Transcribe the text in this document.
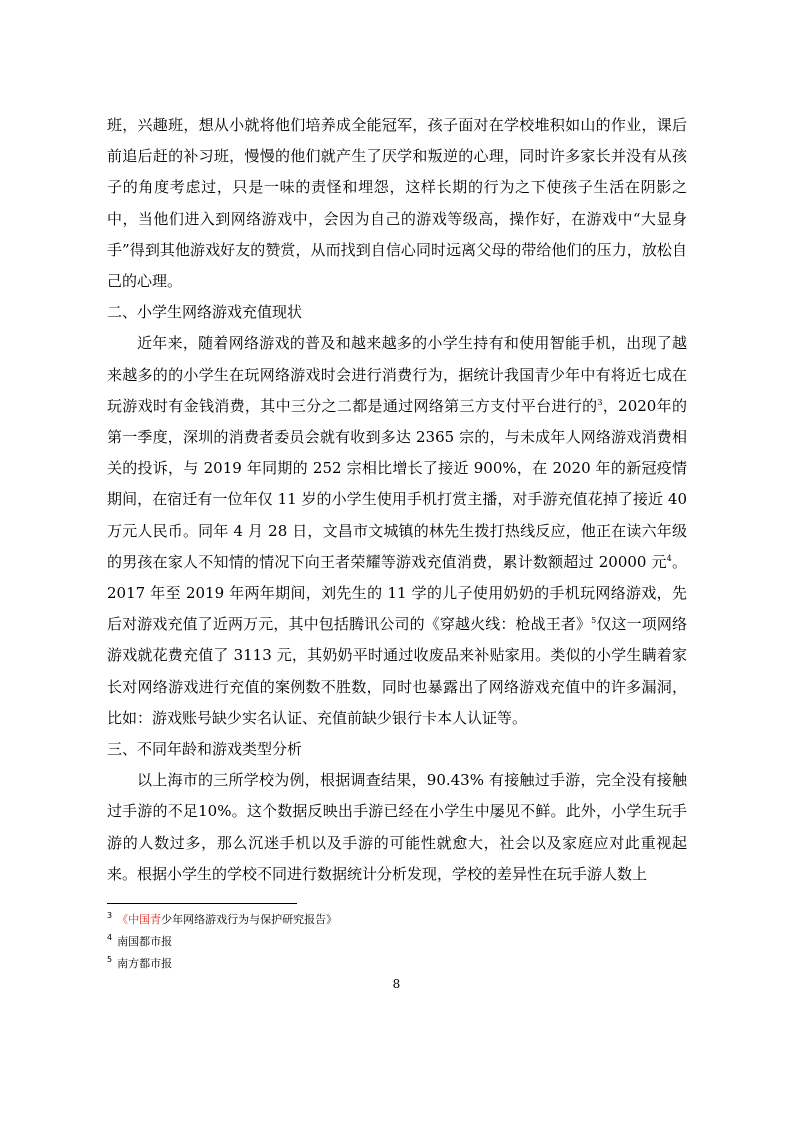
班，兴趣班，想从小就将他们培养成全能冠军，孩子面对在学校堆积如山的作业，课后前追后赶的补习班，慢慢的他们就产生了厌学和叛逆的心理，同时许多家长并没有从孩子的角度考虑过，只是一味的责怪和埋怨，这样长期的行为之下使孩子生活在阴影之中，当他们进入到网络游戏中，会因为自己的游戏等级高，操作好，在游戏中“大显身手”得到其他游戏好友的赞赏，从而找到自信心同时远离父母的带给他们的压力，放松自己的心理。

二、小学生网络游戏充值现状

近年来，随着网络游戏的普及和越来越多的小学生持有和使用智能手机，出现了越来越多的的小学生在玩网络游戏时会进行消费行为，据统计我国青少年中有将近七成在玩游戏时有金钱消费，其中三分之二都是通过网络第三方支付平台进行的$^3$，2020年的第一季度，深圳的消费者委员会就有收到多达 2365 宗的，与未成年人网络游戏消费相关的投诉，与 2019 年同期的 252 宗相比增长了接近 900%，在 2020 年的新冠疫情期间，在宿迁有一位年仅 11 岁的小学生使用手机打赏主播，对手游充值花掉了接近 40 万元人民币。同年 4 月 28 日，文昌市文城镇的林先生拨打热线反应，他正在读六年级的男孩在家人不知情的情况下向王者荣耀等游戏充值消费，累计数额超过 20000 元$^4$。2017 年至 2019 年两年期间，刘先生的 11 学的儿子使用奶奶的手机玩网络游戏，先后对游戏充值了近两万元，其中包括腾讯公司的《穿越火线：枪战王者》$^5$仅这一项网络游戏就花费充值了 3113 元，其奶奶平时通过收废品来补贴家用。类似的小学生瞒着家长对网络游戏进行充值的案例数不胜数，同时也暴露出了网络游戏充值中的许多漏洞，比如：游戏账号缺少实名认证、充值前缺少银行卡本人认证等。

三、不同年龄和游戏类型分析

以上海市的三所学校为例，根据调查结果，90.43% 有接触过手游，完全没有接触过手游的不足10%。这个数据反映出手游已经在小学生中屡见不鲜。此外，小学生玩手游的人数过多，那么沉迷手机以及手游的可能性就愈大，社会以及家庭应对此重视起来。根据小学生的学校不同进行数据统计分析发现，学校的差异性在玩手游人数上

$^3$ 《中国青少年网络游戏行为与保护研究报告》
$^4$ 南国都市报
$^5$ 南方都市报
8
